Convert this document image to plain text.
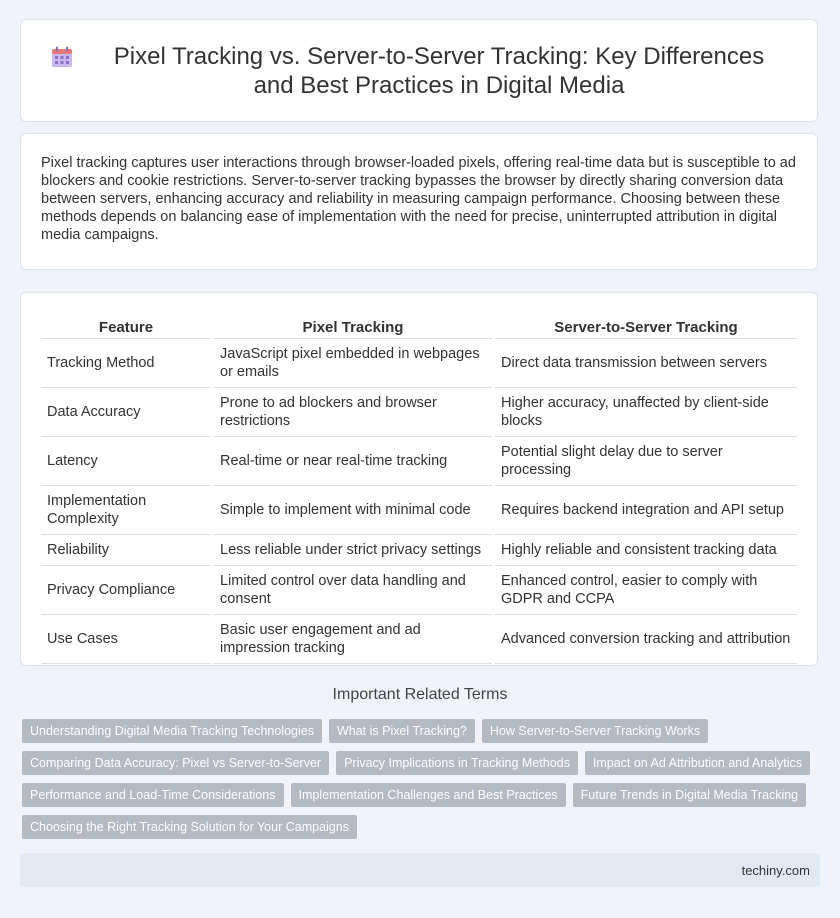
Pixel Tracking vs. Server-to-Server Tracking: Key Differences and Best Practices in Digital Media

Pixel tracking captures user interactions through browser-loaded pixels, offering real-time data but is susceptible to ad blockers and cookie restrictions. Server-to-server tracking bypasses the browser by directly sharing conversion data between servers, enhancing accuracy and reliability in measuring campaign performance. Choosing between these methods depends on balancing ease of implementation with the need for precise, uninterrupted attribution in digital media campaigns.

Feature	Pixel Tracking	Server-to-Server Tracking
Tracking Method	JavaScript pixel embedded in webpages or emails	Direct data transmission between servers
Data Accuracy	Prone to ad blockers and browser restrictions	Higher accuracy, unaffected by client-side blocks
Latency	Real-time or near real-time tracking	Potential slight delay due to server processing
Implementation Complexity	Simple to implement with minimal code	Requires backend integration and API setup
Reliability	Less reliable under strict privacy settings	Highly reliable and consistent tracking data
Privacy Compliance	Limited control over data handling and consent	Enhanced control, easier to comply with GDPR and CCPA
Use Cases	Basic user engagement and ad impression tracking	Advanced conversion tracking and attribution
Important Related Terms
Understanding Digital Media Tracking Technologies	What is Pixel Tracking?	How Server-to-Server Tracking Works
Comparing Data Accuracy: Pixel vs Server-to-Server	Privacy Implications in Tracking Methods	Impact on Ad Attribution and Analytics
Performance and Load-Time Considerations	Implementation Challenges and Best Practices	Future Trends in Digital Media Tracking
Choosing the Right Tracking Solution for Your Campaigns
techiny.com
